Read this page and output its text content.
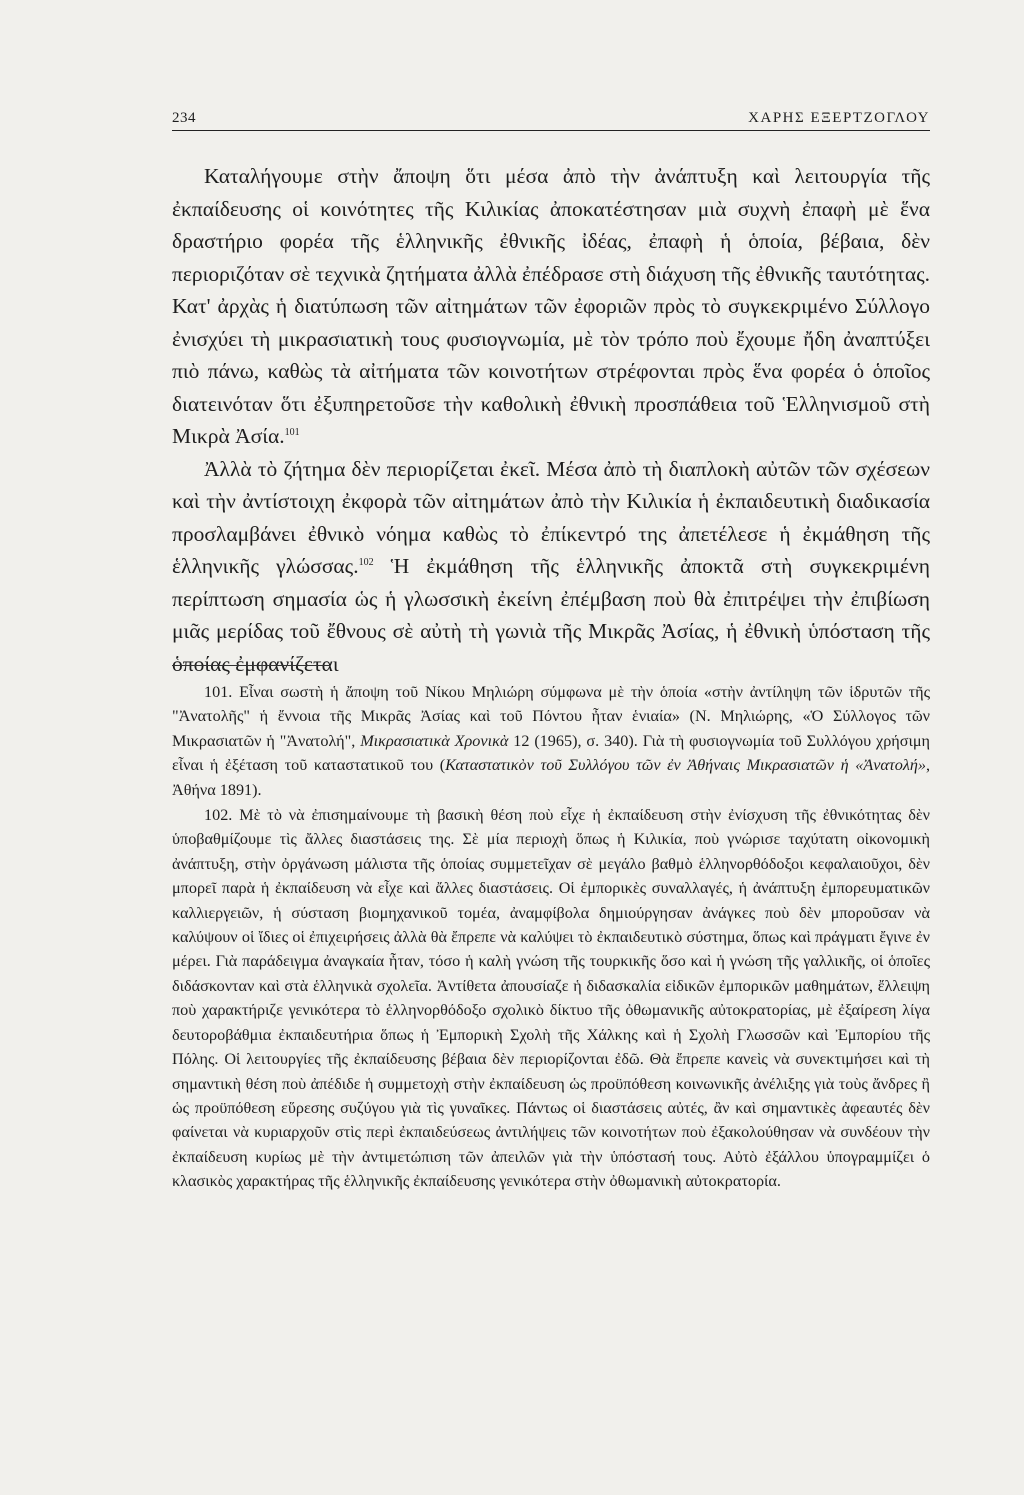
234	ΧΑΡΗΣ ΕΞΕΡΤΖΟΓΛΟΥ

Καταλήγουμε στὴν ἄποψη ὅτι μέσα ἀπὸ τὴν ἀνάπτυξη καὶ λειτουργία τῆς ἐκπαίδευσης οἱ κοινότητες τῆς Κιλικίας ἀποκατέστησαν μιὰ συχνὴ ἐπαφὴ μὲ ἕνα δραστήριο φορέα τῆς ἑλληνικῆς ἐθνικῆς ἰδέας, ἐπαφὴ ἡ ὁποία, βέβαια, δὲν περιοριζόταν σὲ τεχνικὰ ζητήματα ἀλλὰ ἐπέδρασε στὴ διάχυση τῆς ἐθνικῆς ταυτότητας. Κατ' ἀρχὰς ἡ διατύπωση τῶν αἰτημάτων τῶν ἐφοριῶν πρὸς τὸ συγκεκριμένο Σύλλογο ἐνισχύει τὴ μικρασιατικὴ τους φυσιογνωμία, μὲ τὸν τρόπο ποὺ ἔχουμε ἤδη ἀναπτύξει πιὸ πάνω, καθὼς τὰ αἰτήματα τῶν κοινοτήτων στρέφονται πρὸς ἕνα φορέα ὁ ὁποῖος διατεινόταν ὅτι ἐξυπηρετοῦσε τὴν καθολικὴ ἐθνικὴ προσπάθεια τοῦ Ἑλληνισμοῦ στὴ Μικρὰ Ἀσία.$^{101}$

Ἀλλὰ τὸ ζήτημα δὲν περιορίζεται ἐκεῖ. Μέσα ἀπὸ τὴ διαπλοκὴ αὐτῶν τῶν σχέσεων καὶ τὴν ἀντίστοιχη ἐκφορὰ τῶν αἰτημάτων ἀπὸ τὴν Κιλικία ἡ ἐκπαιδευτικὴ διαδικασία προσλαμβάνει ἐθνικὸ νόημα καθὼς τὸ ἐπίκεντρό της ἀπετέλεσε ἡ ἐκμάθηση τῆς ἑλληνικῆς γλώσσας.$^{102}$ Ἡ ἐκμάθηση τῆς ἑλληνικῆς ἀποκτᾶ στὴ συγκεκριμένη περίπτωση σημασία ὡς ἡ γλωσσικὴ ἐκείνη ἐπέμβαση ποὺ θὰ ἐπιτρέψει τὴν ἐπιβίωση μιᾶς μερίδας τοῦ ἔθνους σὲ αὐτὴ τὴ γωνιὰ τῆς Μικρᾶς Ἀσίας, ἡ ἐθνικὴ ὑπόσταση τῆς ὁποίας ἐμφανίζεται

101. Εἶναι σωστὴ ἡ ἄποψη τοῦ Νίκου Μηλιώρη σύμφωνα μὲ τὴν ὁποία «στὴν ἀντίληψη τῶν ἱδρυτῶν τῆς "Ἀνατολῆς" ἡ ἔννοια τῆς Μικρᾶς Ἀσίας καὶ τοῦ Πόντου ἦταν ἑνιαία» (Ν. Μηλιώρης, «Ὁ Σύλλογος τῶν Μικρασιατῶν ἡ "Ἀνατολή", Μικρασιατικὰ Χρονικὰ 12 (1965), σ. 340). Γιὰ τὴ φυσιογνωμία τοῦ Συλλόγου χρήσιμη εἶναι ἡ ἐξέταση τοῦ καταστατικοῦ του (Καταστατικὸν τοῦ Συλλόγου τῶν ἐν Ἀθήναις Μικρασιατῶν ἡ «Ἀνατολή», Ἀθήνα 1891).

102. Μὲ τὸ νὰ ἐπισημαίνουμε τὴ βασικὴ θέση ποὺ εἶχε ἡ ἐκπαίδευση στὴν ἐνίσχυση τῆς ἐθνικότητας δὲν ὑποβαθμίζουμε τὶς ἄλλες διαστάσεις της. Σὲ μία περιοχὴ ὅπως ἡ Κιλικία, ποὺ γνώρισε ταχύτατη οἰκονομικὴ ἀνάπτυξη, στὴν ὀργάνωση μάλιστα τῆς ὁποίας συμμετεῖχαν σὲ μεγάλο βαθμὸ ἑλληνορθόδοξοι κεφαλαιοῦχοι, δὲν μπορεῖ παρὰ ἡ ἐκπαίδευση νὰ εἶχε καὶ ἄλλες διαστάσεις. Οἱ ἐμπορικὲς συναλλαγές, ἡ ἀνάπτυξη ἐμπορευματικῶν καλλιεργειῶν, ἡ σύσταση βιομηχανικοῦ τομέα, ἀναμφίβολα δημιούργησαν ἀνάγκες ποὺ δὲν μποροῦσαν νὰ καλύψουν οἱ ἴδιες οἱ ἐπιχειρήσεις ἀλλὰ θὰ ἔπρεπε νὰ καλύψει τὸ ἐκπαιδευτικὸ σύστημα, ὅπως καὶ πράγματι ἔγινε ἐν μέρει. Γιὰ παράδειγμα ἀναγκαία ἦταν, τόσο ἡ καλὴ γνώση τῆς τουρκικῆς ὅσο καὶ ἡ γνώση τῆς γαλλικῆς, οἱ ὁποῖες διδάσκονταν καὶ στὰ ἑλληνικὰ σχολεῖα. Ἀντίθετα ἀπουσίαζε ἡ διδασκαλία εἰδικῶν ἐμπορικῶν μαθημάτων, ἔλλειψη ποὺ χαρακτήριζε γενικότερα τὸ ἑλληνορθόδοξο σχολικὸ δίκτυο τῆς ὀθωμανικῆς αὐτοκρατορίας, μὲ ἐξαίρεση λίγα δευτοροβάθμια ἐκπαιδευτήρια ὅπως ἡ Ἐμπορικὴ Σχολὴ τῆς Χάλκης καὶ ἡ Σχολὴ Γλωσσῶν καὶ Ἐμπορίου τῆς Πόλης. Οἱ λειτουργίες τῆς ἐκπαίδευσης βέβαια δὲν περιορίζονται ἐδῶ. Θὰ ἔπρεπε κανεὶς νὰ συνεκτιμήσει καὶ τὴ σημαντικὴ θέση ποὺ ἀπέδιδε ἡ συμμετοχὴ στὴν ἐκπαίδευση ὡς προϋπόθεση κοινωνικῆς ἀνέλιξης γιὰ τοὺς ἄνδρες ἢ ὡς προϋπόθεση εὕρεσης συζύγου γιὰ τὶς γυναῖκες. Πάντως οἱ διαστάσεις αὐτές, ἂν καὶ σημαντικὲς ἀφεαυτές δὲν φαίνεται νὰ κυριαρχοῦν στὶς περὶ ἐκπαιδεύσεως ἀντιλήψεις τῶν κοινοτήτων ποὺ ἐξακολούθησαν νὰ συνδέουν τὴν ἐκπαίδευση κυρίως μὲ τὴν ἀντιμετώπιση τῶν ἀπειλῶν γιὰ τὴν ὑπόστασή τους. Αὐτὸ ἐξάλλου ὑπογραμμίζει ὁ κλασικὸς χαρακτήρας τῆς ἑλληνικῆς ἐκπαίδευσης γενικότερα στὴν ὀθωμανικὴ αὐτοκρατορία.
